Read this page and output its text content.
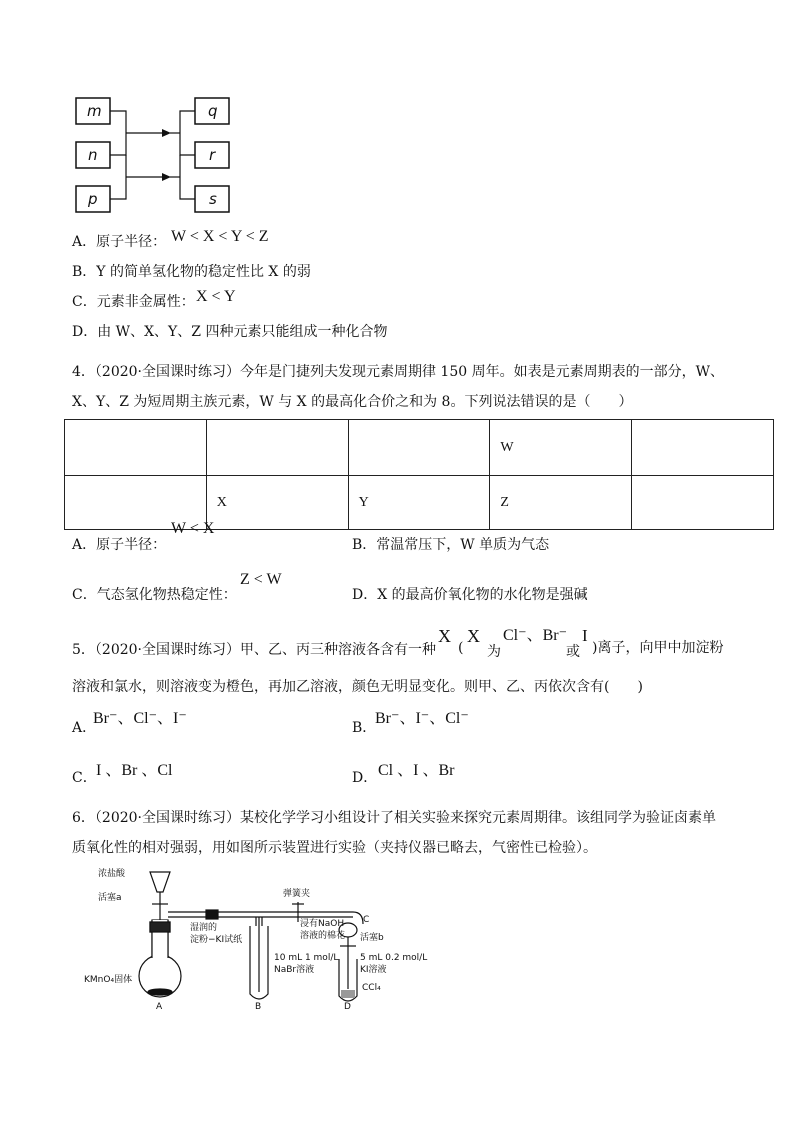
m
n
p
q
r
s
A．原子半径： W < X < Y < Z
B．Y 的简单氢化物的稳定性比 X 的弱
C．元素非金属性： X < Y
D．由 W、X、Y、Z 四种元素只能组成一种化合物
4．（2020·全国课时练习）今年是门捷列夫发现元素周期律 150 周年。如表是元素周期表的一部分，W、
X、Y、Z 为短周期主族元素，W 与 X 的最高化合价之和为 8。下列说法错误的是（　　）
			W	
	X	Y	Z	
A．原子半径：
W < X
B．常温常压下，W 单质为气态
C．气态氢化物热稳定性：
Z < W
D．X 的最高价氧化物的水化物是强碱
5．（2020·全国课时练习）甲、乙、丙三种溶液各含有一种
X
(
X
为
Cl⁻、Br⁻
或
I
)离子，向甲中加淀粉
溶液和氯水，则溶液变为橙色，再加乙溶液，颜色无明显变化。则甲、乙、丙依次含有(　　)
A．
Br⁻、Cl⁻、I⁻
B．
Br⁻、I⁻、Cl⁻
C． I 、Br 、Cl	D． Cl 、I 、Br
6．（2020·全国课时练习）某校化学学习小组设计了相关实验来探究元素周期律。该组同学为验证卤素单
质氧化性的相对强弱，用如图所示装置进行实验（夹持仪器已略去，气密性已检验）。
浓盐酸
活塞a	弹簧夹
湿润的
淀粉−KI试纸
浸有NaOH
溶液的棉花
C
活塞b
10 mL 1 mol/L
NaBr溶液
5 mL 0.2 mol/L
KI溶液
CCl₄
KMnO₄固体
A	B	D
